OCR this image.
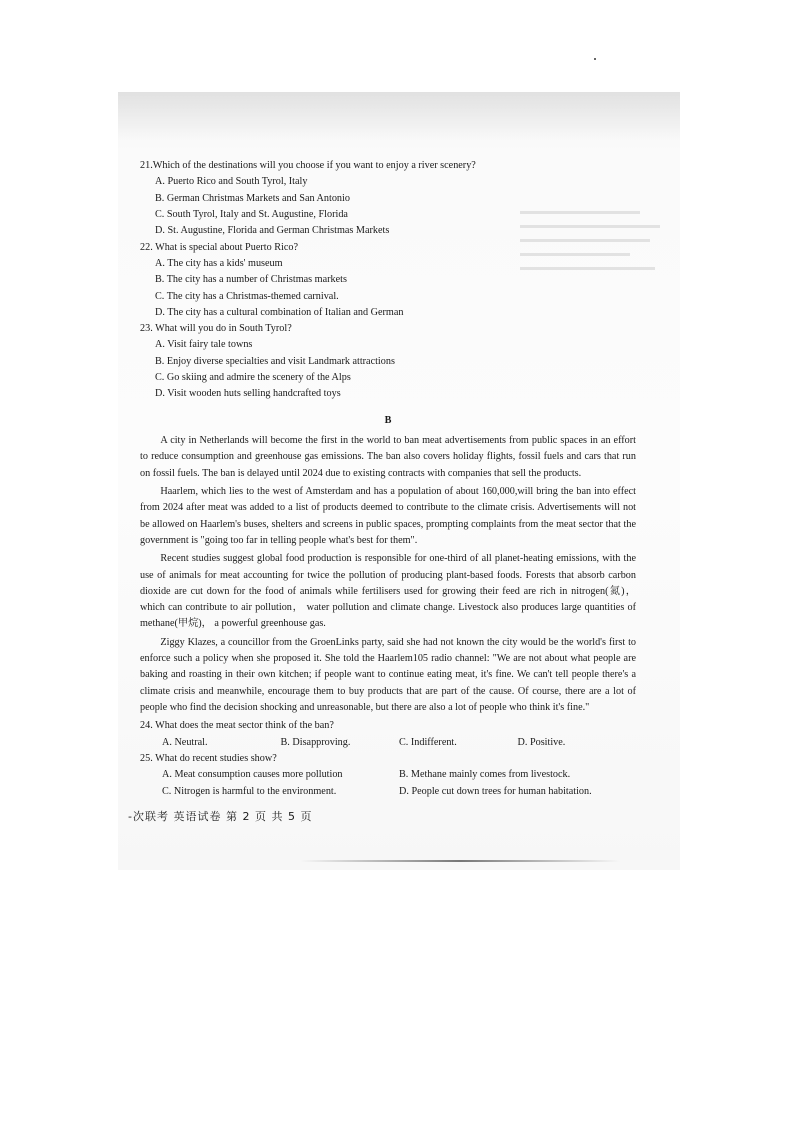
21.Which of the destinations will you choose if you want to enjoy a river scenery?

A. Puerto Rico and South Tyrol, Italy

B. German Christmas Markets and San Antonio

C. South Tyrol, Italy and St. Augustine, Florida

D. St. Augustine, Florida and German Christmas Markets

22. What is special about Puerto Rico?

A. The city has a kids' museum

B. The city has a number of Christmas markets

C. The city has a Christmas-themed carnival.

D. The city has a cultural combination of Italian and German

23. What will you do in South Tyrol?

A. Visit fairy tale towns

B. Enjoy diverse specialties and visit Landmark attractions

C. Go skiing and admire the scenery of the Alps

D. Visit wooden huts selling handcrafted toys

B

A city in Netherlands will become the first in the world to ban meat advertisements from public spaces in an effort to reduce consumption and greenhouse gas emissions. The ban also covers holiday flights, fossil fuels and cars that run on fossil fuels. The ban is delayed until 2024 due to existing contracts with companies that sell the products.

Haarlem, which lies to the west of Amsterdam and has a population of about 160,000,will bring the ban into effect from 2024 after meat was added to a list of products deemed to contribute to the climate crisis. Advertisements will not be allowed on Haarlem's buses, shelters and screens in public spaces, prompting complaints from the meat sector that the government is "going too far in telling people what's best for them".

Recent studies suggest global food production is responsible for one-third of all planet-heating emissions, with the use of animals for meat accounting for twice the pollution of producing plant-based foods. Forests that absorb carbon dioxide are cut down for the food of animals while fertilisers used for growing their feed are rich in nitrogen(氮)， which can contribute to air pollution， water pollution and climate change. Livestock also produces large quantities of methane(甲烷)， a powerful greenhouse gas.

Ziggy Klazes, a councillor from the GroenLinks party, said she had not known the city would be the world's first to enforce such a policy when she proposed it. She told the Haarlem105 radio channel: "We are not about what people are baking and roasting in their own kitchen; if people want to continue eating meat, it's fine. We can't tell people there's a climate crisis and meanwhile, encourage them to buy products that are part of the cause. Of course, there are a lot of people who find the decision shocking and unreasonable, but there are also a lot of people who think it's fine."

24. What does the meat sector think of the ban?

A. Neutral.	B. Disapproving.	C. Indifferent.	D. Positive.

25. What do recent studies show?

A. Meat consumption causes more pollution	B. Methane mainly comes from livestock.
C. Nitrogen is harmful to the environment.	D. People cut down trees for human habitation.
-次联考 英语试卷 第 2 页 共 5 页
